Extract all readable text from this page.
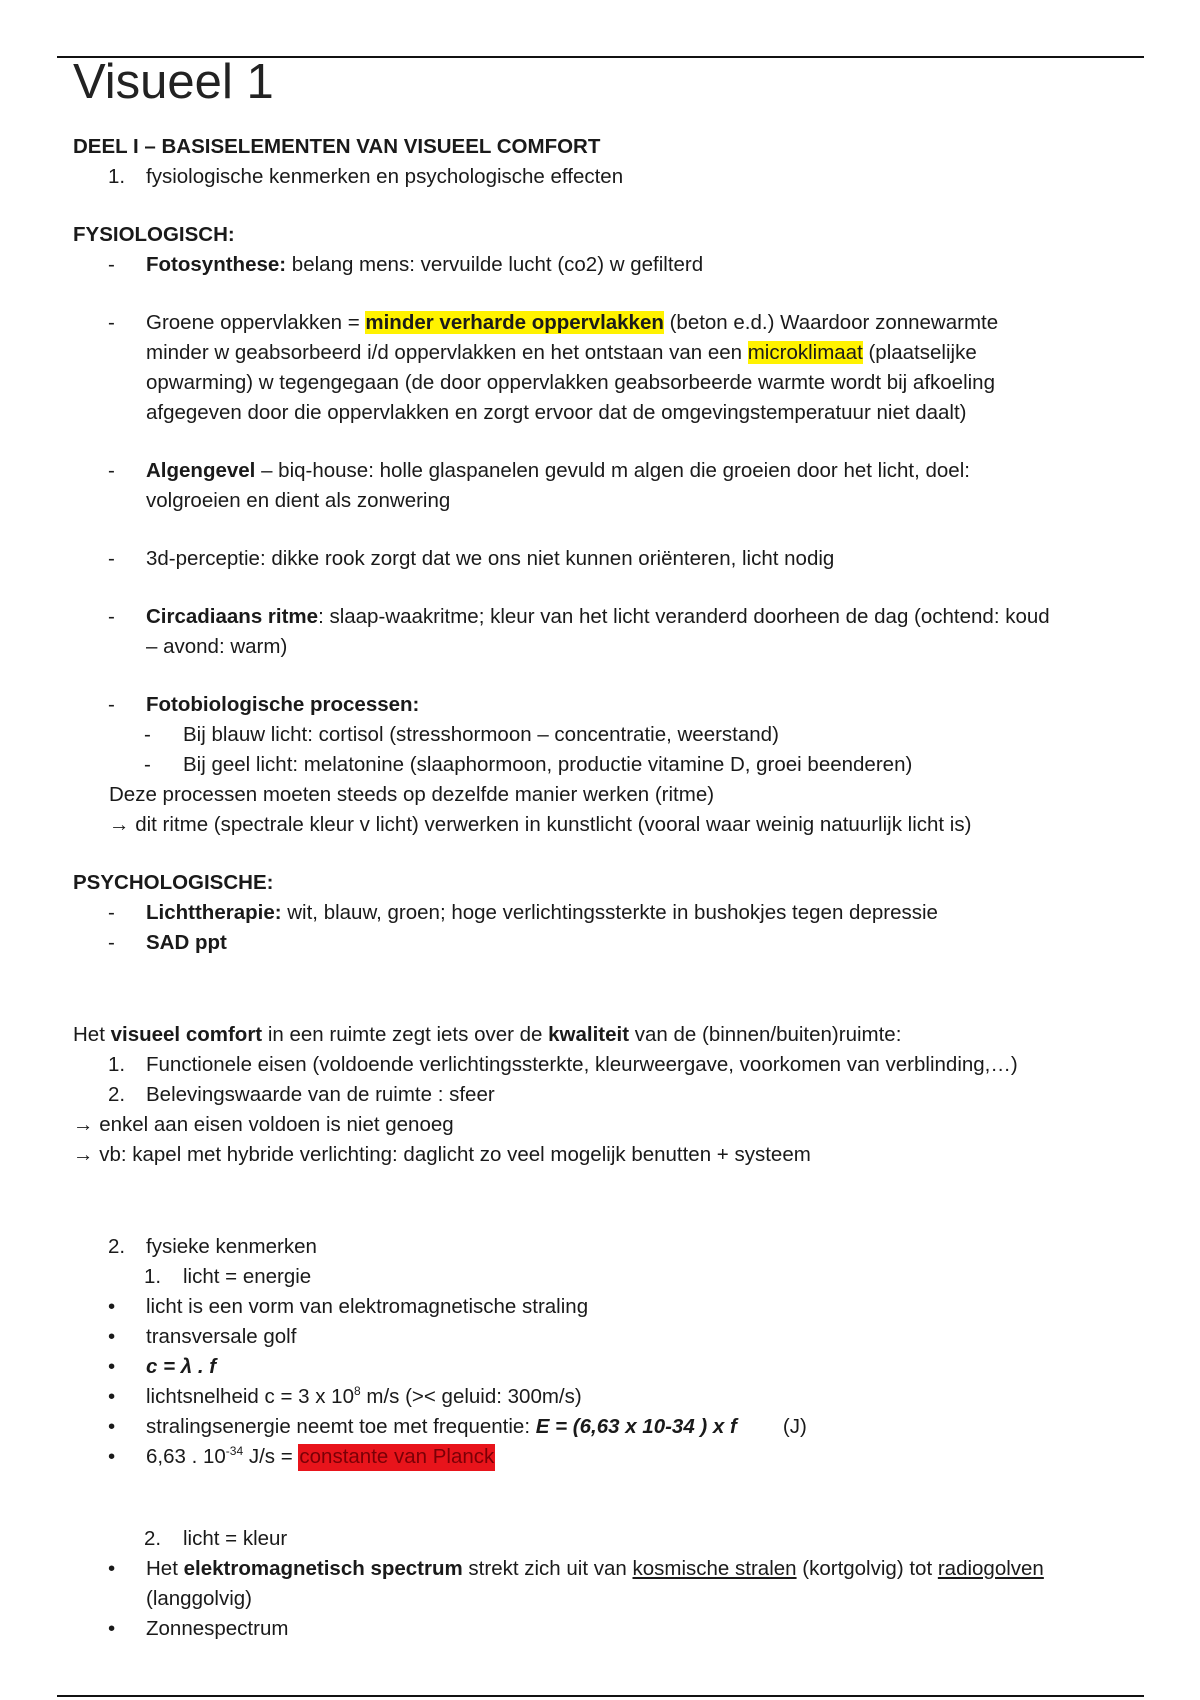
Visueel 1

DEEL I – BASISELEMENTEN VAN VISUEEL COMFORT

1.	fysiologische kenmerken en psychologische effecten

FYSIOLOGISCH:

-	Fotosynthese: belang mens: vervuilde lucht (co2) w gefilterd

-	Groene oppervlakken = minder verharde oppervlakken (beton e.d.) Waardoor zonnewarmte
minder w geabsorbeerd i/d oppervlakken en het ontstaan van een microklimaat (plaatselijke
opwarming) w tegengegaan (de door oppervlakken geabsorbeerde warmte wordt bij afkoeling
afgegeven door die oppervlakken en zorgt ervoor dat de omgevingstemperatuur niet daalt)
-	Algengevel – biq-house: holle glaspanelen gevuld m algen die groeien door het licht, doel:
volgroeien en dient als zonwering

-	3d-perceptie: dikke rook zorgt dat we ons niet kunnen oriënteren, licht nodig

-	Circadiaans ritme: slaap-waakritme; kleur van het licht veranderd doorheen de dag (ochtend: koud
– avond: warm)

-	Fotobiologische processen:

- Bij blauw licht: cortisol (stresshormoon – concentratie, weerstand)

- Bij geel licht: melatonine (slaaphormoon, productie vitamine D, groei beenderen)

Deze processen moeten steeds op dezelfde manier werken (ritme)

→ dit ritme (spectrale kleur v licht) verwerken in kunstlicht (vooral waar weinig natuurlijk licht is)

PSYCHOLOGISCHE:

-	Lichttherapie: wit, blauw, groen; hoge verlichtingssterkte in bushokjes tegen depressie

-	SAD ppt

Het visueel comfort in een ruimte zegt iets over de kwaliteit van de (binnen/buiten)ruimte:

1.	Functionele eisen (voldoende verlichtingssterkte, kleurweergave, voorkomen van verblinding,…)

2.	Belevingswaarde van de ruimte : sfeer

→ enkel aan eisen voldoen is niet genoeg

→ vb: kapel met hybride verlichting: daglicht zo veel mogelijk benutten + systeem

2.	fysieke kenmerken

1. licht = energie

•	licht is een vorm van elektromagnetische straling

•	transversale golf

•	c = λ . f

•	lichtsnelheid c = 3 x $10^8$ m/s (>< geluid: 300m/s)

•	stralingsenergie neemt toe met frequentie: E = (6,63 x 10-34 ) x f (J)

•	6,63 . $10^{-34}$ J/s = constante van Planck

2. licht = kleur

•	Het elektromagnetisch spectrum strekt zich uit van kosmische stralen (kortgolvig) tot radiogolven
(langgolvig)

•	Zonnespectrum
